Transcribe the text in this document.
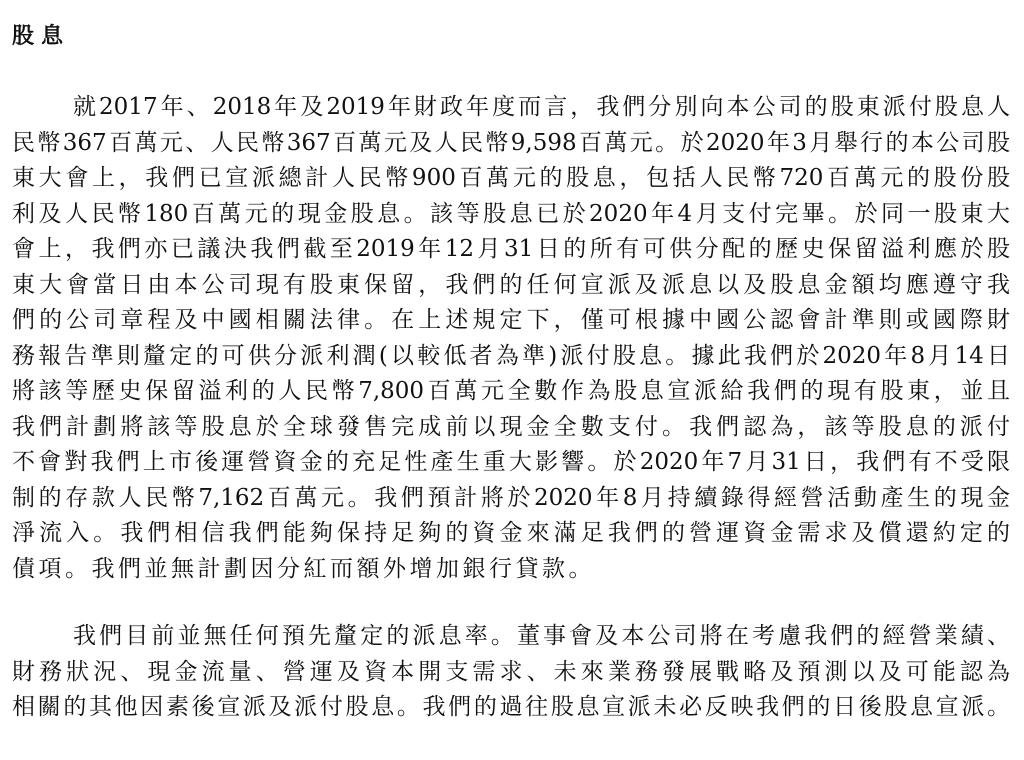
股息
就2017年、2018年及2019年財政年度而言，我們分別向本公司的股東派付股息人
民幣367百萬元、人民幣367百萬元及人民幣9,598百萬元。於2020年3月舉行的本公司股
東大會上，我們已宣派總計人民幣900百萬元的股息，包括人民幣720百萬元的股份股
利及人民幣180百萬元的現金股息。該等股息已於2020年4月支付完畢。於同一股東大
會上，我們亦已議決我們截至2019年12月31日的所有可供分配的歷史保留溢利應於股
東大會當日由本公司現有股東保留，我們的任何宣派及派息以及股息金額均應遵守我
們的公司章程及中國相關法律。在上述規定下，僅可根據中國公認會計準則或國際財
務報告準則釐定的可供分派利潤(以較低者為準)派付股息。據此我們於2020年8月14日
將該等歷史保留溢利的人民幣7,800百萬元全數作為股息宣派給我們的現有股東，並且
我們計劃將該等股息於全球發售完成前以現金全數支付。我們認為，該等股息的派付
不會對我們上市後運營資金的充足性產生重大影響。於2020年7月31日，我們有不受限
制的存款人民幣7,162百萬元。我們預計將於2020年8月持續錄得經營活動產生的現金
淨流入。我們相信我們能夠保持足夠的資金來滿足我們的營運資金需求及償還約定的
債項。我們並無計劃因分紅而額外增加銀行貸款。
我們目前並無任何預先釐定的派息率。董事會及本公司將在考慮我們的經營業績、
財務狀況、現金流量、營運及資本開支需求、未來業務發展戰略及預測以及可能認為
相關的其他因素後宣派及派付股息。我們的過往股息宣派未必反映我們的日後股息宣派。
